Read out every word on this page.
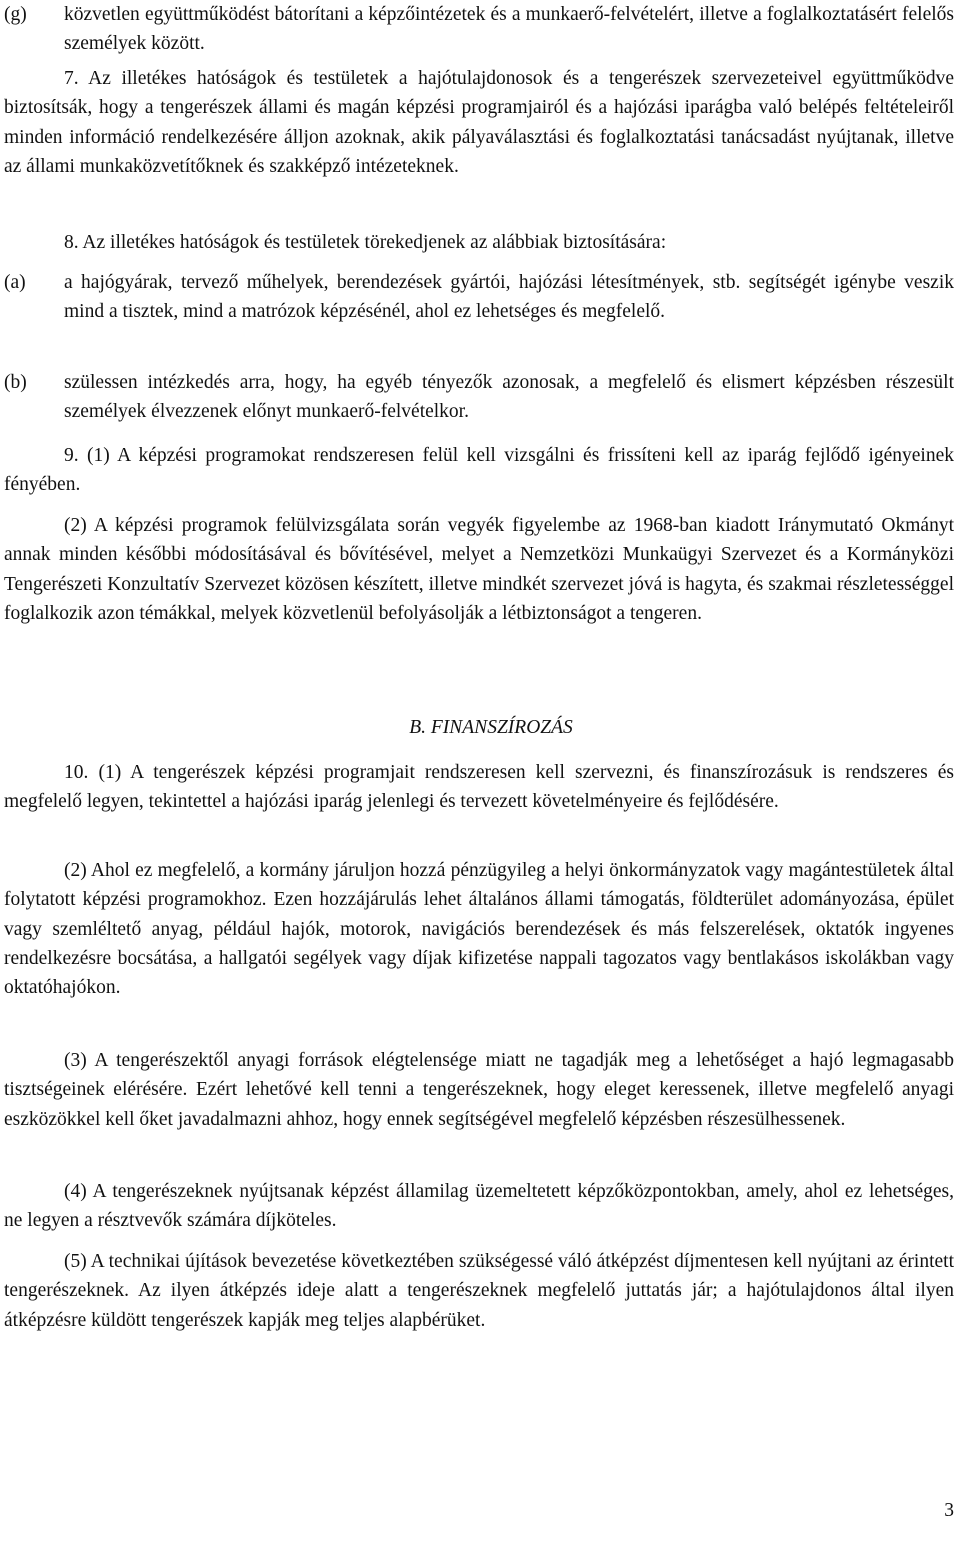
(g)	közvetlen együttműködést bátorítani a képzőintézetek és a munkaerő-felvételért, illetve a foglalkoztatásért felelős személyek között.

7. Az illetékes hatóságok és testületek a hajótulajdonosok és a tengerészek szervezeteivel együttműködve biztosítsák, hogy a tengerészek állami és magán képzési programjairól és a hajózási iparágba való belépés feltételeiről minden információ rendelkezésére álljon azoknak, akik pályaválasztási és foglalkoztatási tanácsadást nyújtanak, illetve az állami munkaközvetítőknek és szakképző intézeteknek.

8. Az illetékes hatóságok és testületek törekedjenek az alábbiak biztosítására:

(a)	a hajógyárak, tervező műhelyek, berendezések gyártói, hajózási létesítmények, stb. segítségét igénybe veszik mind a tisztek, mind a matrózok képzésénél, ahol ez lehetséges és megfelelő.

(b)	szülessen intézkedés arra, hogy, ha egyéb tényezők azonosak, a megfelelő és elismert képzésben részesült személyek élvezzenek előnyt munkaerő-felvételkor.

9. (1) A képzési programokat rendszeresen felül kell vizsgálni és frissíteni kell az iparág fejlődő igényeinek fényében.

(2) A képzési programok felülvizsgálata során vegyék figyelembe az 1968-ban kiadott Iránymutató Okmányt annak minden későbbi módosításával és bővítésével, melyet a Nemzetközi Munkaügyi Szervezet és a Kormányközi Tengerészeti Konzultatív Szervezet közösen készített, illetve mindkét szervezet jóvá is hagyta, és szakmai részletességgel foglalkozik azon témákkal, melyek közvetlenül befolyásolják a létbiztonságot a tengeren.

B. FINANSZÍROZÁS

10. (1) A tengerészek képzési programjait rendszeresen kell szervezni, és finanszírozásuk is rendszeres és megfelelő legyen, tekintettel a hajózási iparág jelenlegi és tervezett követelményeire és fejlődésére.

(2) Ahol ez megfelelő, a kormány járuljon hozzá pénzügyileg a helyi önkormányzatok vagy magántestületek által folytatott képzési programokhoz. Ezen hozzájárulás lehet általános állami támogatás, földterület adományozása, épület vagy szemléltető anyag, például hajók, motorok, navigációs berendezések és más felszerelések, oktatók ingyenes rendelkezésre bocsátása, a hallgatói segélyek vagy díjak kifizetése nappali tagozatos vagy bentlakásos iskolákban vagy oktatóhajókon.

(3) A tengerészektől anyagi források elégtelensége miatt ne tagadják meg a lehetőséget a hajó legmagasabb tisztségeinek elérésére. Ezért lehetővé kell tenni a tengerészeknek, hogy eleget keressenek, illetve megfelelő anyagi eszközökkel kell őket javadalmazni ahhoz, hogy ennek segítségével megfelelő képzésben részesülhessenek.

(4) A tengerészeknek nyújtsanak képzést államilag üzemeltetett képzőközpontokban, amely, ahol ez lehetséges, ne legyen a résztvevők számára díjköteles.

(5) A technikai újítások bevezetése következtében szükségessé váló átképzést díjmentesen kell nyújtani az érintett tengerészeknek. Az ilyen átképzés ideje alatt a tengerészeknek megfelelő juttatás jár; a hajótulajdonos által ilyen átképzésre küldött tengerészek kapják meg teljes alapbérüket.

3
